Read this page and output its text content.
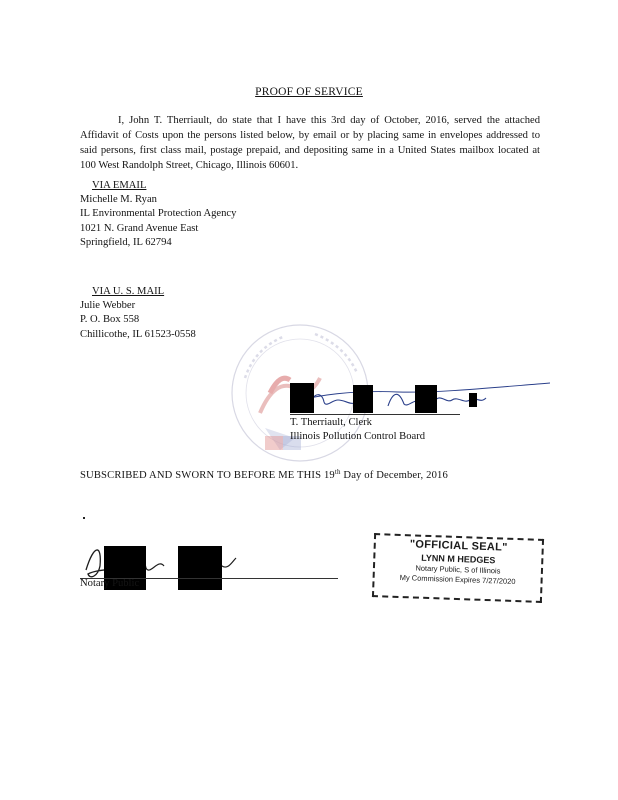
PROOF OF SERVICE
I, John T. Therriault, do state that I have this 3rd day of October, 2016, served the attached Affidavit of Costs upon the persons listed below, by email or by placing same in envelopes addressed to said persons, first class mail, postage prepaid, and depositing same in a United States mailbox located at 100 West Randolph Street, Chicago, Illinois 60601.
VIA EMAIL
Michelle M. Ryan
IL Environmental Protection Agency
1021 N. Grand Avenue East
Springfield, IL 62794
VIA U. S. MAIL
Julie Webber
P. O. Box 558
Chillicothe, IL 61523-0558
T. Therriault, Clerk
Illinois Pollution Control Board
SUBSCRIBED AND SWORN TO BEFORE ME THIS 19th Day of December, 2016
Notary Public
"OFFICIAL SEAL"
LYNN M HEDGES
Notary Public, S of Illinois
My Commission Expires 7/27/2020
